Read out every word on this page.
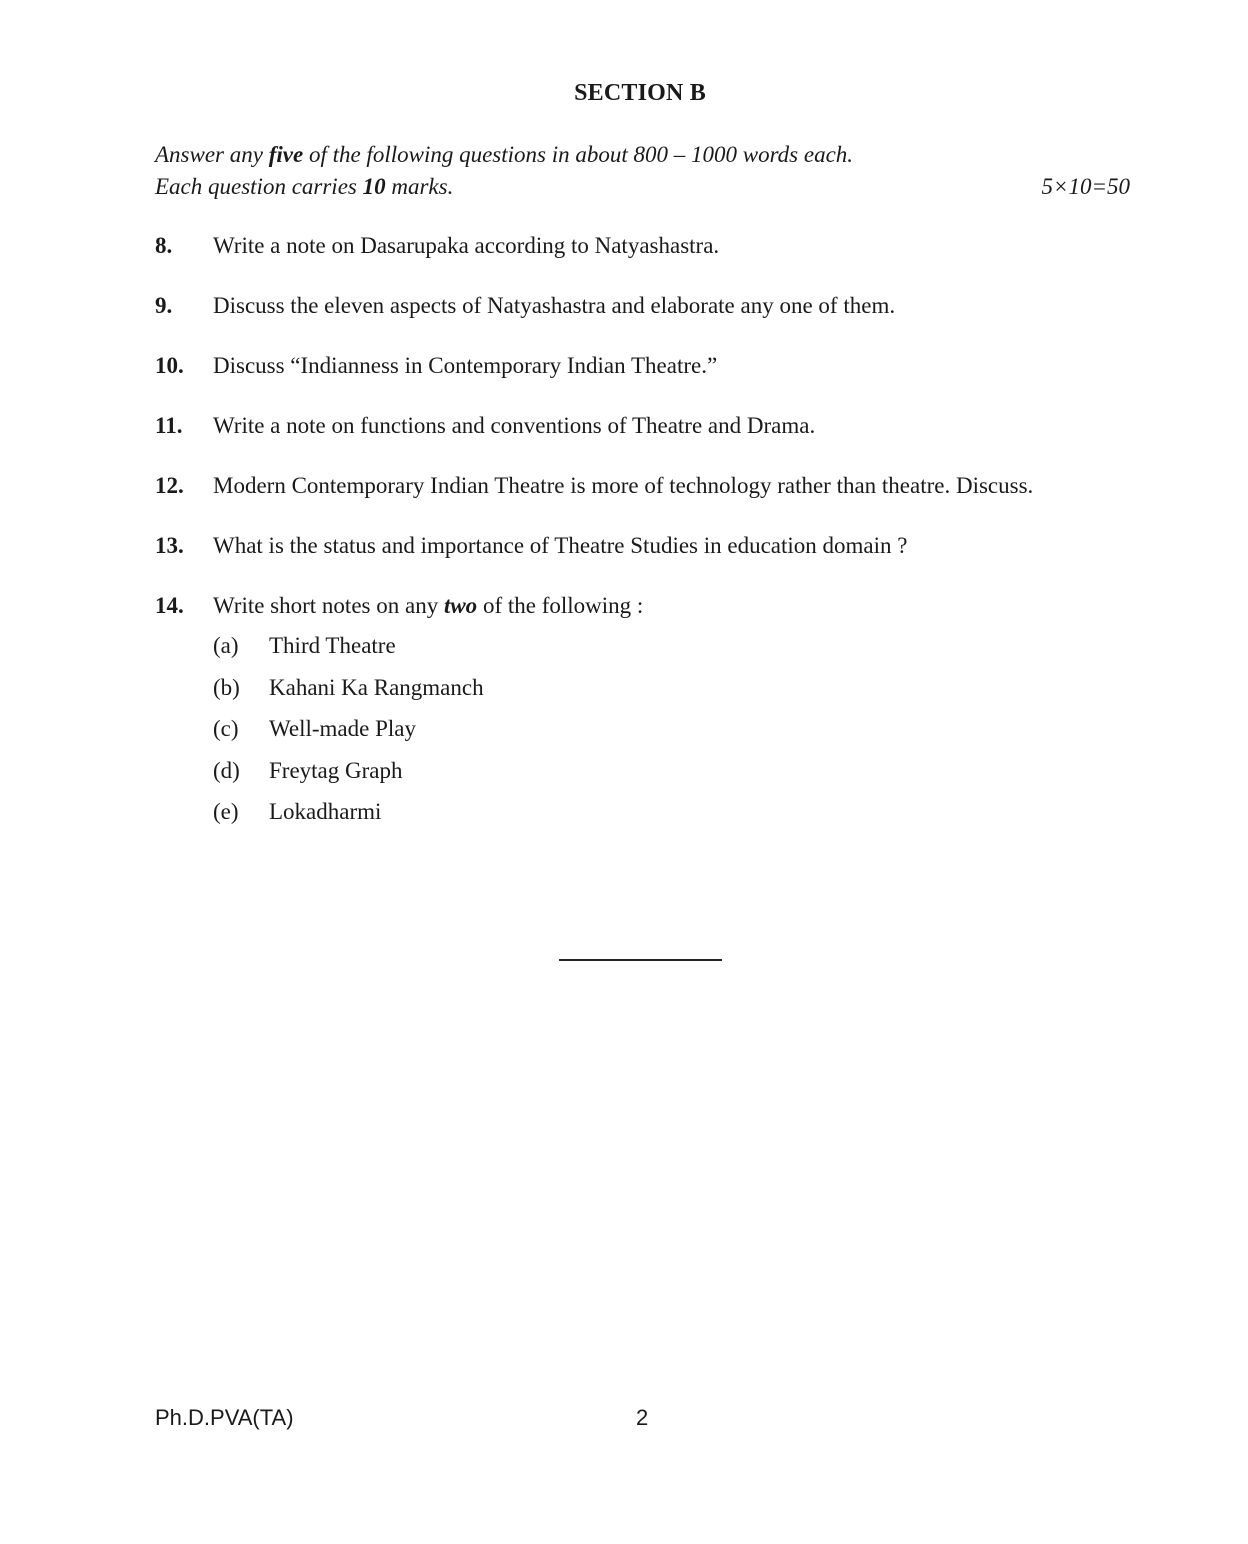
SECTION B
Answer any five of the following questions in about 800 – 1000 words each.
Each question carries 10 marks.	5×10=50
8. Write a note on Dasarupaka according to Natyashastra.
9. Discuss the eleven aspects of Natyashastra and elaborate any one of them.
10. Discuss “Indianness in Contemporary Indian Theatre.”
11. Write a note on functions and conventions of Theatre and Drama.
12. Modern Contemporary Indian Theatre is more of technology rather than theatre. Discuss.
13. What is the status and importance of Theatre Studies in education domain ?
14. Write short notes on any two of the following :
(a) Third Theatre
(b) Kahani Ka Rangmanch
(c) Well-made Play
(d) Freytag Graph
(e) Lokadharmi
Ph.D.PVA(TA)	2
